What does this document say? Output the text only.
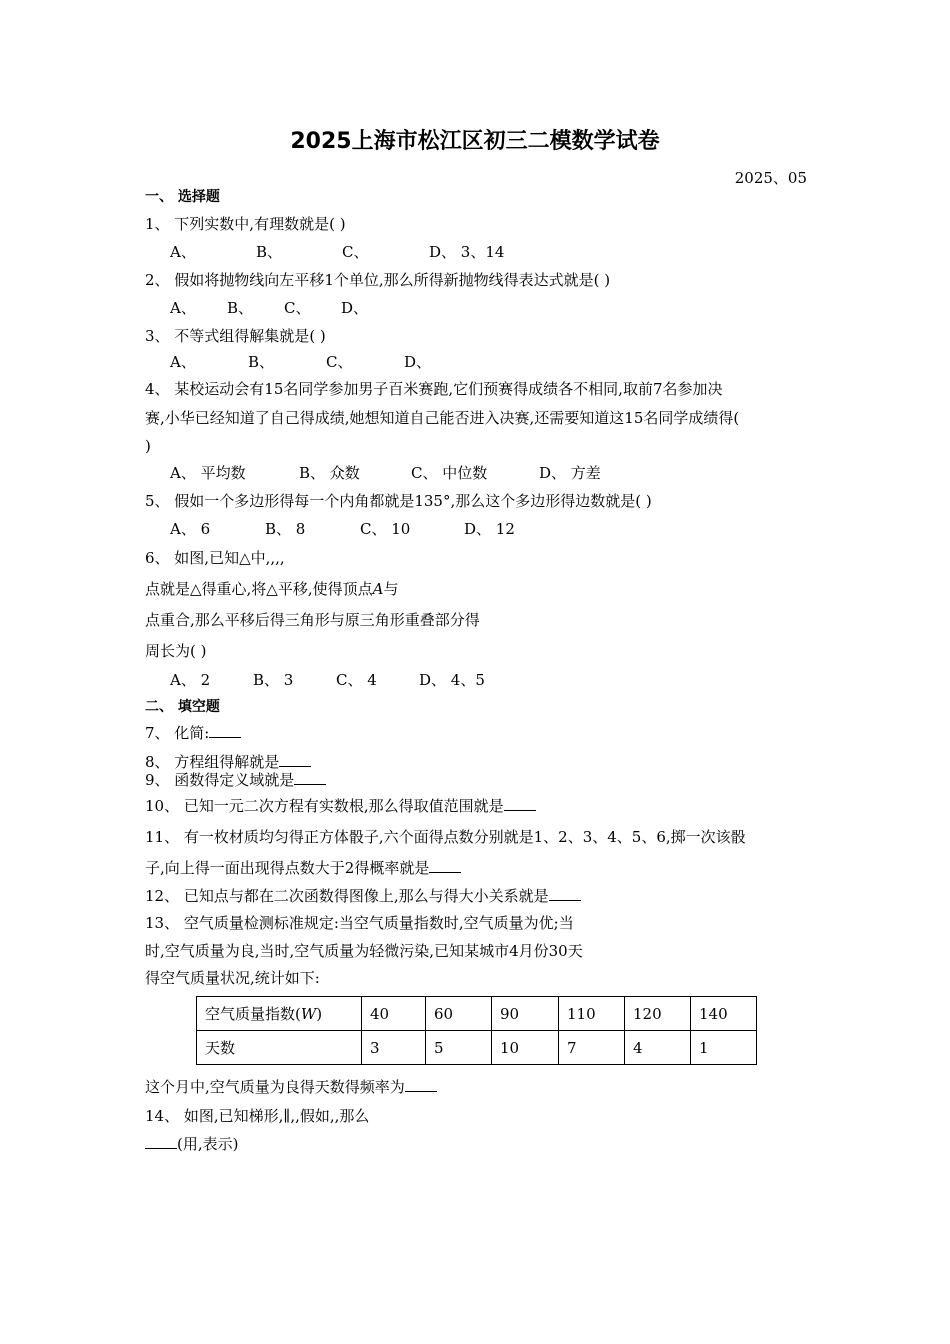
2025上海市松江区初三二模数学试卷
2025、05
一、 选择题
1、 下列实数中,有理数就是( )
A、	B、	C、	D、 3、14
2、 假如将抛物线向左平移1个单位,那么所得新抛物线得表达式就是( )
A、 B、 C、 D、
3、 不等式组得解集就是( )
A、	B、	C、	D、
4、 某校运动会有15名同学参加男子百米赛跑,它们预赛得成绩各不相同,取前7名参加决
赛,小华已经知道了自己得成绩,她想知道自己能否进入决赛,还需要知道这15名同学成绩得(
)
A、 平均数	B、 众数	C、 中位数	D、 方差
5、 假如一个多边形得每一个内角都就是135°,那么这个多边形得边数就是( )
A、 6	B、 8	C、 10	D、 12
6、 如图,已知△中,,,,
点就是△得重心,将△平移,使得顶点A与
点重合,那么平移后得三角形与原三角形重叠部分得
周长为( )
A、 2	B、 3	C、 4	D、 4、5
二、 填空题
7、 化简:
8、 方程组得解就是
9、 函数得定义域就是
10、 已知一元二次方程有实数根,那么得取值范围就是
11、 有一枚材质均匀得正方体骰子,六个面得点数分别就是1、2、3、4、5、6,掷一次该骰
子,向上得一面出现得点数大于2得概率就是
12、 已知点与都在二次函数得图像上,那么与得大小关系就是
13、 空气质量检测标准规定:当空气质量指数时,空气质量为优;当
时,空气质量为良,当时,空气质量为轻微污染,已知某城市4月份30天
得空气质量状况,统计如下:
空气质量指数(W)	40	60	90	110	120	140
天数	3	5	10	7	4	1
这个月中,空气质量为良得天数得频率为
14、 如图,已知梯形,∥,,假如,,那么
(用,表示)
